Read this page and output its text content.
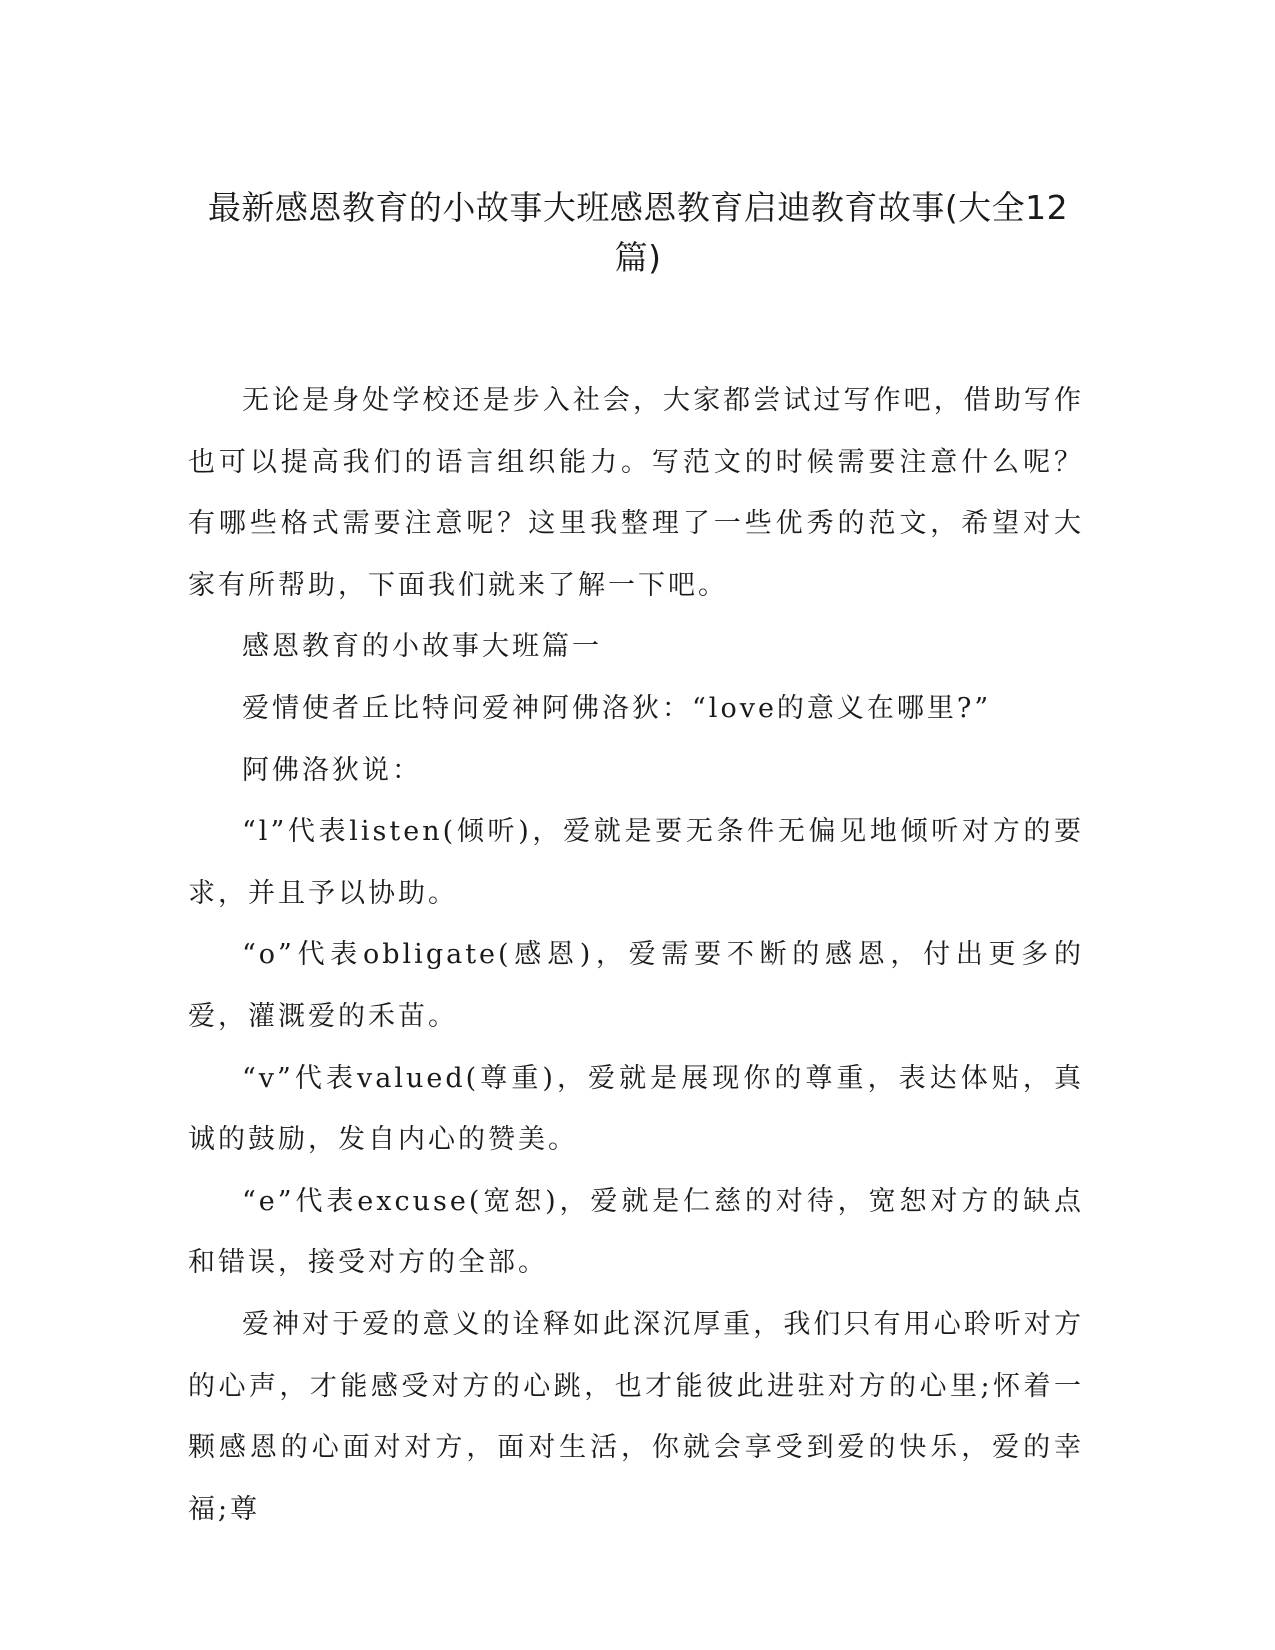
最新感恩教育的小故事大班感恩教育启迪教育故事(大全12篇)

无论是身处学校还是步入社会，大家都尝试过写作吧，借助写作也可以提高我们的语言组织能力。写范文的时候需要注意什么呢？有哪些格式需要注意呢？这里我整理了一些优秀的范文，希望对大家有所帮助，下面我们就来了解一下吧。

感恩教育的小故事大班篇一

爱情使者丘比特问爱神阿佛洛狄：“love的意义在哪里?”

阿佛洛狄说：

“l”代表listen(倾听)，爱就是要无条件无偏见地倾听对方的要求，并且予以协助。

“o”代表obligate(感恩)，爱需要不断的感恩，付出更多的爱，灌溉爱的禾苗。

“v”代表valued(尊重)，爱就是展现你的尊重，表达体贴，真诚的鼓励，发自内心的赞美。

“e”代表excuse(宽恕)，爱就是仁慈的对待，宽恕对方的缺点和错误，接受对方的全部。

爱神对于爱的意义的诠释如此深沉厚重，我们只有用心聆听对方的心声，才能感受对方的心跳，也才能彼此进驻对方的心里;怀着一颗感恩的心面对对方，面对生活，你就会享受到爱的快乐，爱的幸福;尊
